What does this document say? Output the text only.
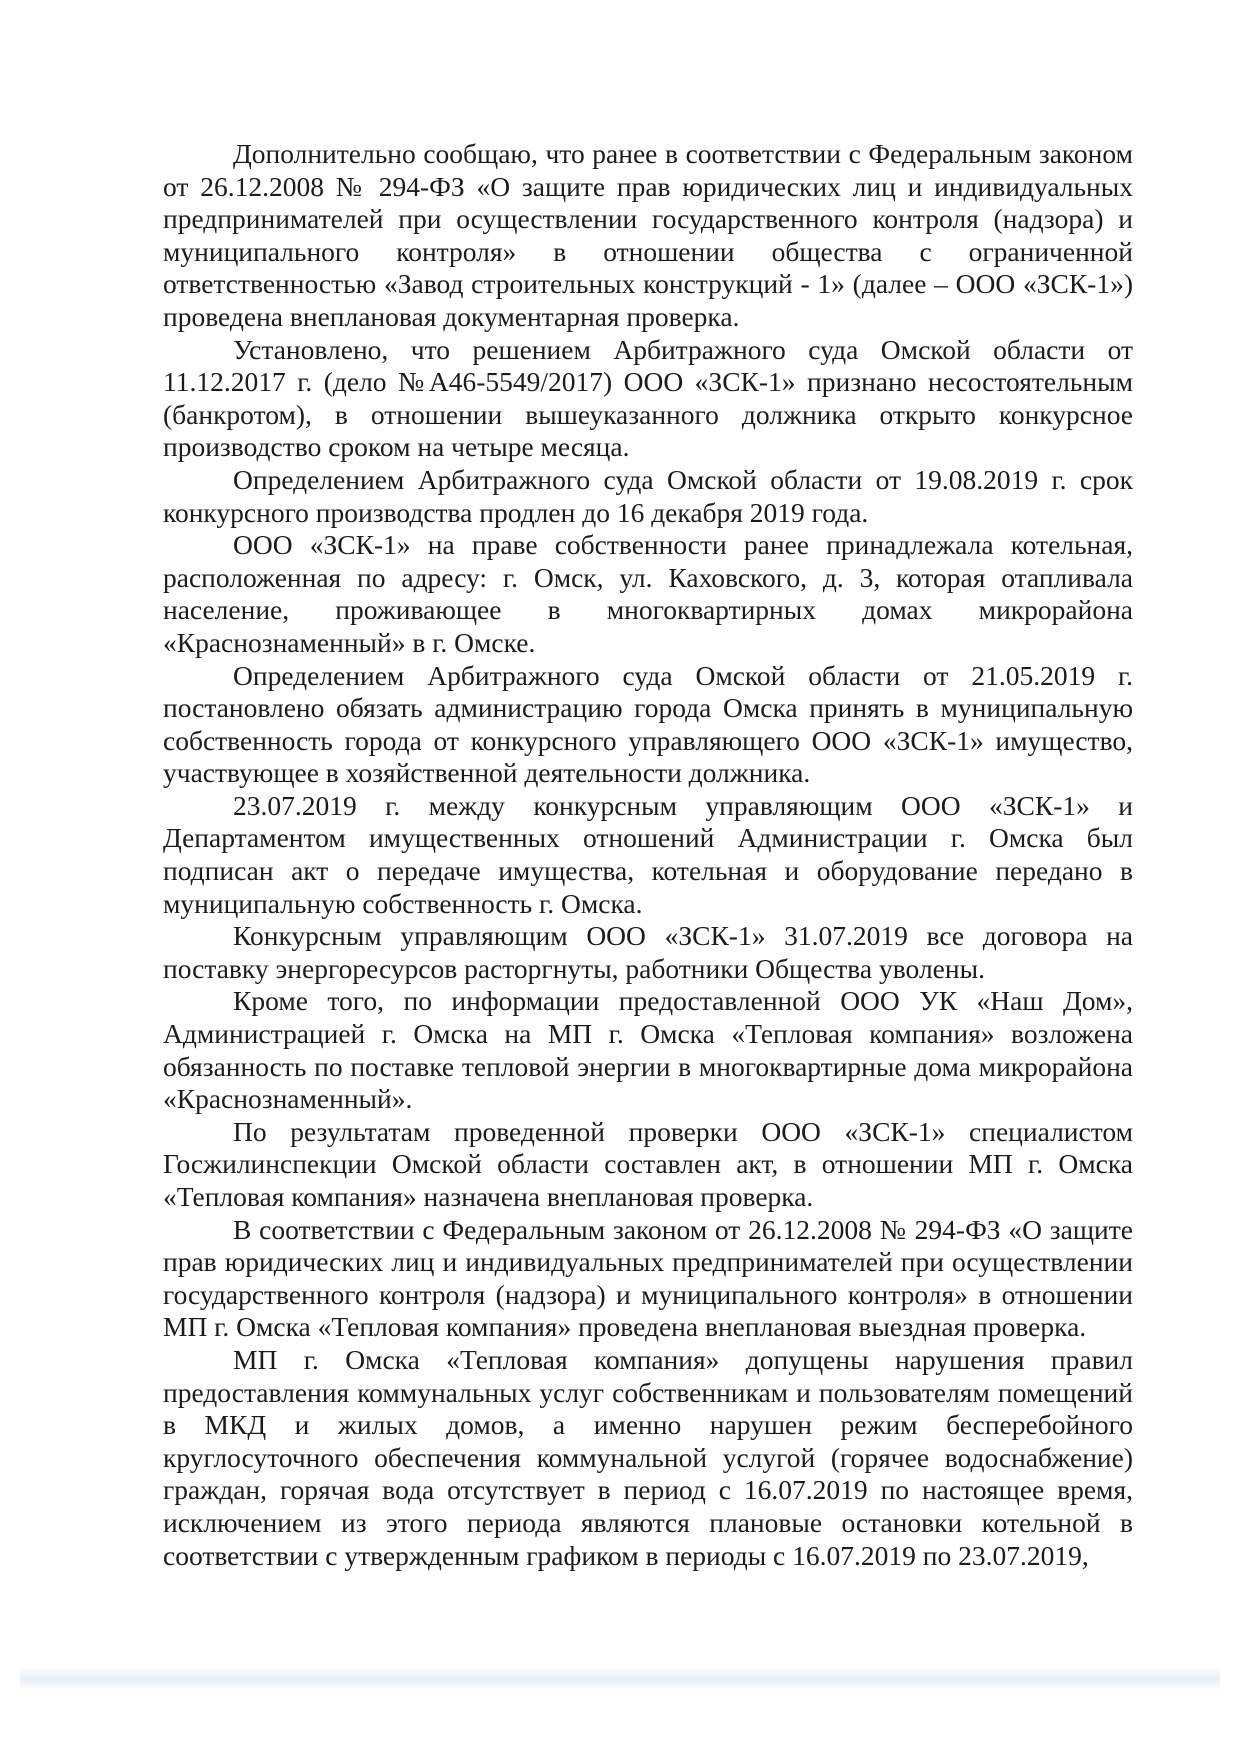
Дополнительно сообщаю, что ранее в соответствии с Федеральным законом от 26.12.2008 № 294-ФЗ «О защите прав юридических лиц и индивидуальных предпринимателей при осуществлении государственного контроля (надзора) и муниципального контроля» в отношении общества с ограниченной ответственностью «Завод строительных конструкций - 1» (далее – ООО «ЗСК-1») проведена внеплановая документарная проверка.

Установлено, что решением Арбитражного суда Омской области от 11.12.2017 г. (дело №А46-5549/2017) ООО «ЗСК-1» признано несостоятельным (банкротом), в отношении вышеуказанного должника открыто конкурсное производство сроком на четыре месяца.

Определением Арбитражного суда Омской области от 19.08.2019 г. срок конкурсного производства продлен до 16 декабря 2019 года.

ООО «ЗСК-1» на праве собственности ранее принадлежала котельная, расположенная по адресу: г. Омск, ул. Каховского, д. 3, которая отапливала население, проживающее в многоквартирных домах микрорайона «Краснознаменный» в г. Омске.

Определением Арбитражного суда Омской области от 21.05.2019 г. постановлено обязать администрацию города Омска принять в муниципальную собственность города от конкурсного управляющего ООО «ЗСК-1» имущество, участвующее в хозяйственной деятельности должника.

23.07.2019 г. между конкурсным управляющим ООО «ЗСК-1» и Департаментом имущественных отношений Администрации г. Омска был подписан акт о передаче имущества, котельная и оборудование передано в муниципальную собственность г. Омска.

Конкурсным управляющим ООО «ЗСК-1» 31.07.2019 все договора на поставку энергоресурсов расторгнуты, работники Общества уволены.

Кроме того, по информации предоставленной ООО УК «Наш Дом», Администрацией г. Омска на МП г. Омска «Тепловая компания» возложена обязанность по поставке тепловой энергии в многоквартирные дома микрорайона «Краснознаменный».

По результатам проведенной проверки ООО «ЗСК-1» специалистом Госжилинспекции Омской области составлен акт, в отношении МП г. Омска «Тепловая компания» назначена внеплановая проверка.

В соответствии с Федеральным законом от 26.12.2008 № 294-ФЗ «О защите прав юридических лиц и индивидуальных предпринимателей при осуществлении государственного контроля (надзора) и муниципального контроля» в отношении МП г. Омска «Тепловая компания» проведена внеплановая выездная проверка.

МП г. Омска «Тепловая компания» допущены нарушения правил предоставления коммунальных услуг собственникам и пользователям помещений в МКД и жилых домов, а именно нарушен режим бесперебойного круглосуточного обеспечения коммунальной услугой (горячее водоснабжение) граждан, горячая вода отсутствует в период с 16.07.2019 по настоящее время, исключением из этого периода являются плановые остановки котельной в соответствии с утвержденным графиком в периоды с 16.07.2019 по 23.07.2019,
